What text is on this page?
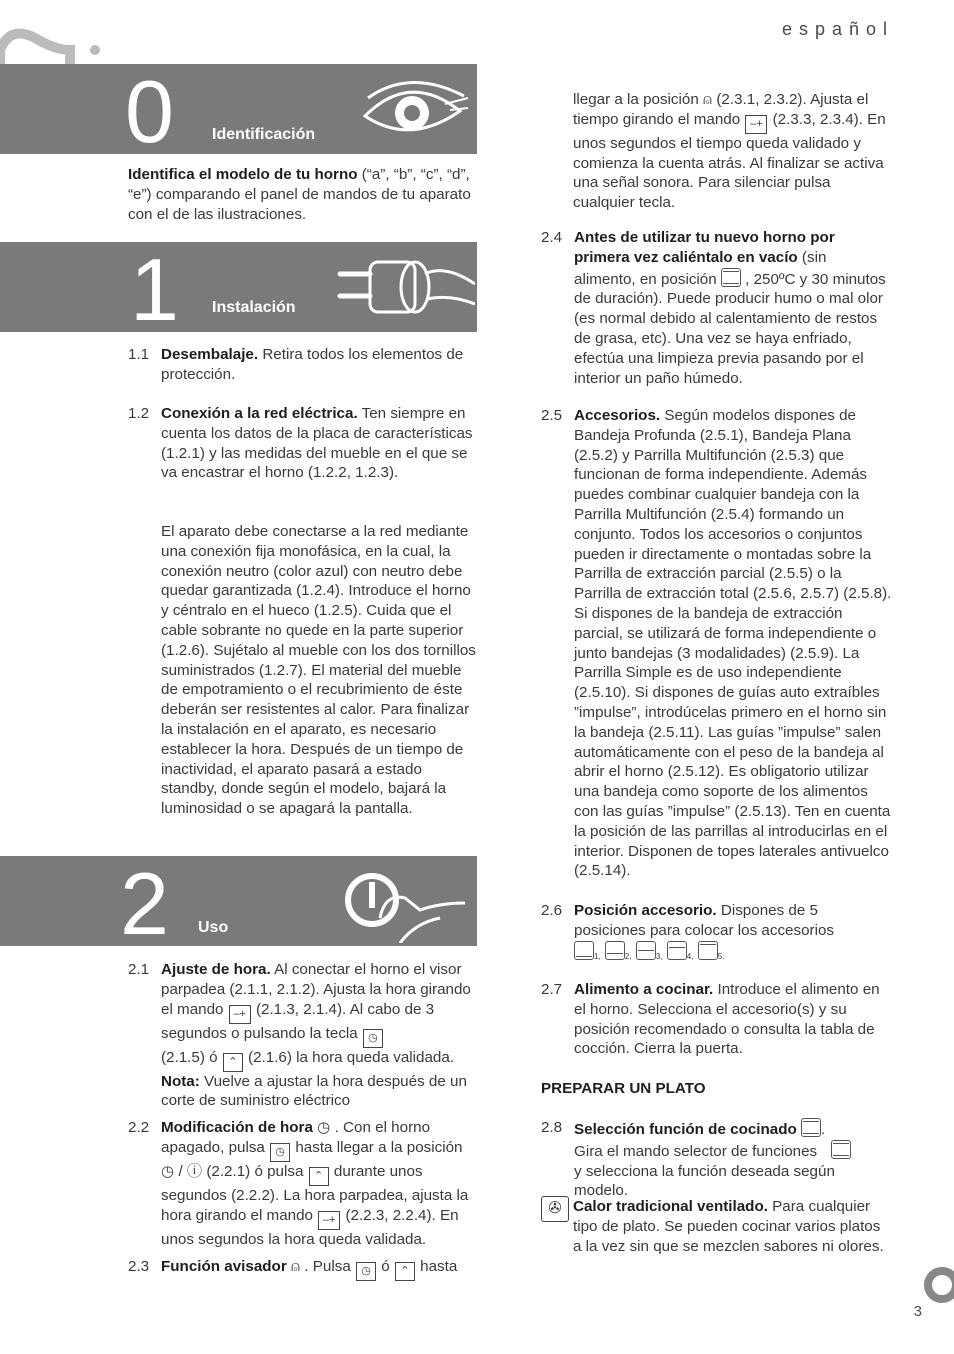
español
0 Identificación
Identifica el modelo de tu horno (“a”, “b”, “c”, “d”, “e”) comparando el panel de mandos de tu aparato con el de las ilustraciones.
1 Instalación
1.1 Desembalaje. Retira todos los elementos de protección.
1.2 Conexión a la red eléctrica. Ten siempre en cuenta los datos de la placa de características (1.2.1) y las medidas del mueble en el que se va encastrar el horno (1.2.2, 1.2.3).
El aparato debe conectarse a la red mediante una conexión fija monofásica, en la cual, la conexión neutro (color azul) con neutro debe quedar garantizada (1.2.4). Introduce el horno y céntralo en el hueco (1.2.5). Cuida que el cable sobrante no quede en la parte superior (1.2.6). Sujétalo al mueble con los dos tornillos suministrados (1.2.7). El material del mueble de empotramiento o el recubrimiento de éste deberán ser resistentes al calor. Para finalizar la instalación en el aparato, es necesario establecer la hora. Después de un tiempo de inactividad, el aparato pasará a estado standby, donde según el modelo, bajará la luminosidad o se apagará la pantalla.
2 Uso
2.1 Ajuste de hora. Al conectar el horno el visor parpadea (2.1.1, 2.1.2). Ajusta la hora girando el mando –+ (2.1.3, 2.1.4). Al cabo de 3 segundos o pulsando la tecla ◷
(2.1.5) ó ⌃ (2.1.6) la hora queda validada.
Nota: Vuelve a ajustar la hora después de un corte de suministro eléctrico
2.2 Modificación de hora ◷ . Con el horno apagado, pulsa ◷ hasta llegar a la posición
◷ / ⓘ (2.2.1) ó pulsa ⌃ durante unos segundos (2.2.2). La hora parpadea, ajusta la hora girando el mando –+ (2.2.3, 2.2.4). En unos segundos la hora queda validada.
2.3 Función avisador ⍝ . Pulsa ◷ ó ⌃ hasta
llegar a la posición ⍝ (2.3.1, 2.3.2). Ajusta el tiempo girando el mando –+ (2.3.3, 2.3.4). En unos segundos el tiempo queda validado y comienza la cuenta atrás. Al finalizar se activa una señal sonora. Para silenciar pulsa cualquier tecla.
2.4 Antes de utilizar tu nuevo horno por primera vez caliéntalo en vacío (sin alimento, en posición
, 250ºC y 30 minutos de duración). Puede producir humo o mal olor (es normal debido al calentamiento de restos de grasa, etc). Una vez se haya enfriado, efectúa una limpieza previa pasando por el interior un paño húmedo.
2.5 Accesorios. Según modelos dispones de Bandeja Profunda (2.5.1), Bandeja Plana (2.5.2) y Parrilla Multifunción (2.5.3) que funcionan de forma independiente. Además puedes combinar cualquier bandeja con la Parrilla Multifunción (2.5.4) formando un conjunto. Todos los accesorios o conjuntos pueden ir directamente o montadas sobre la Parrilla de extracción parcial (2.5.5) o la Parrilla de extracción total (2.5.6, 2.5.7) (2.5.8). Si dispones de la bandeja de extracción parcial, se utilizará de forma independiente o junto bandejas (3 modalidades) (2.5.9). La Parrilla Simple es de uso independiente (2.5.10). Si dispones de guías auto extraíbles ”impulse”, introdúcelas primero en el horno sin la bandeja (2.5.11). Las guías ”impulse” salen automáticamente con el peso de la bandeja al abrir el horno (2.5.12). Es obligatorio utilizar una bandeja como soporte de los alimentos con las guías ”impulse” (2.5.13). Ten en cuenta la posición de las parrillas al introducirlas en el interior. Disponen de topes laterales antivuelco (2.5.14).
2.6 Posición accesorio. Dispones de 5 posiciones para colocar los accesorios

$_{1,}$	$_{2,}$	$_{3,}$	$_{4,}$	$_{5.}$
2.7 Alimento a cocinar. Introduce el alimento en el horno. Selecciona el accesorio(s) y su posición recomendado o consulta la tabla de cocción. Cierra la puerta.
PREPARAR UN PLATO
2.8 Selección función de cocinado .
Gira el mando selector de funciones

y selecciona la función deseada según modelo.
✇ Calor tradicional ventilado. Para cualquier tipo de plato. Se pueden cocinar varios platos a la vez sin que se mezclen sabores ni olores.
3
